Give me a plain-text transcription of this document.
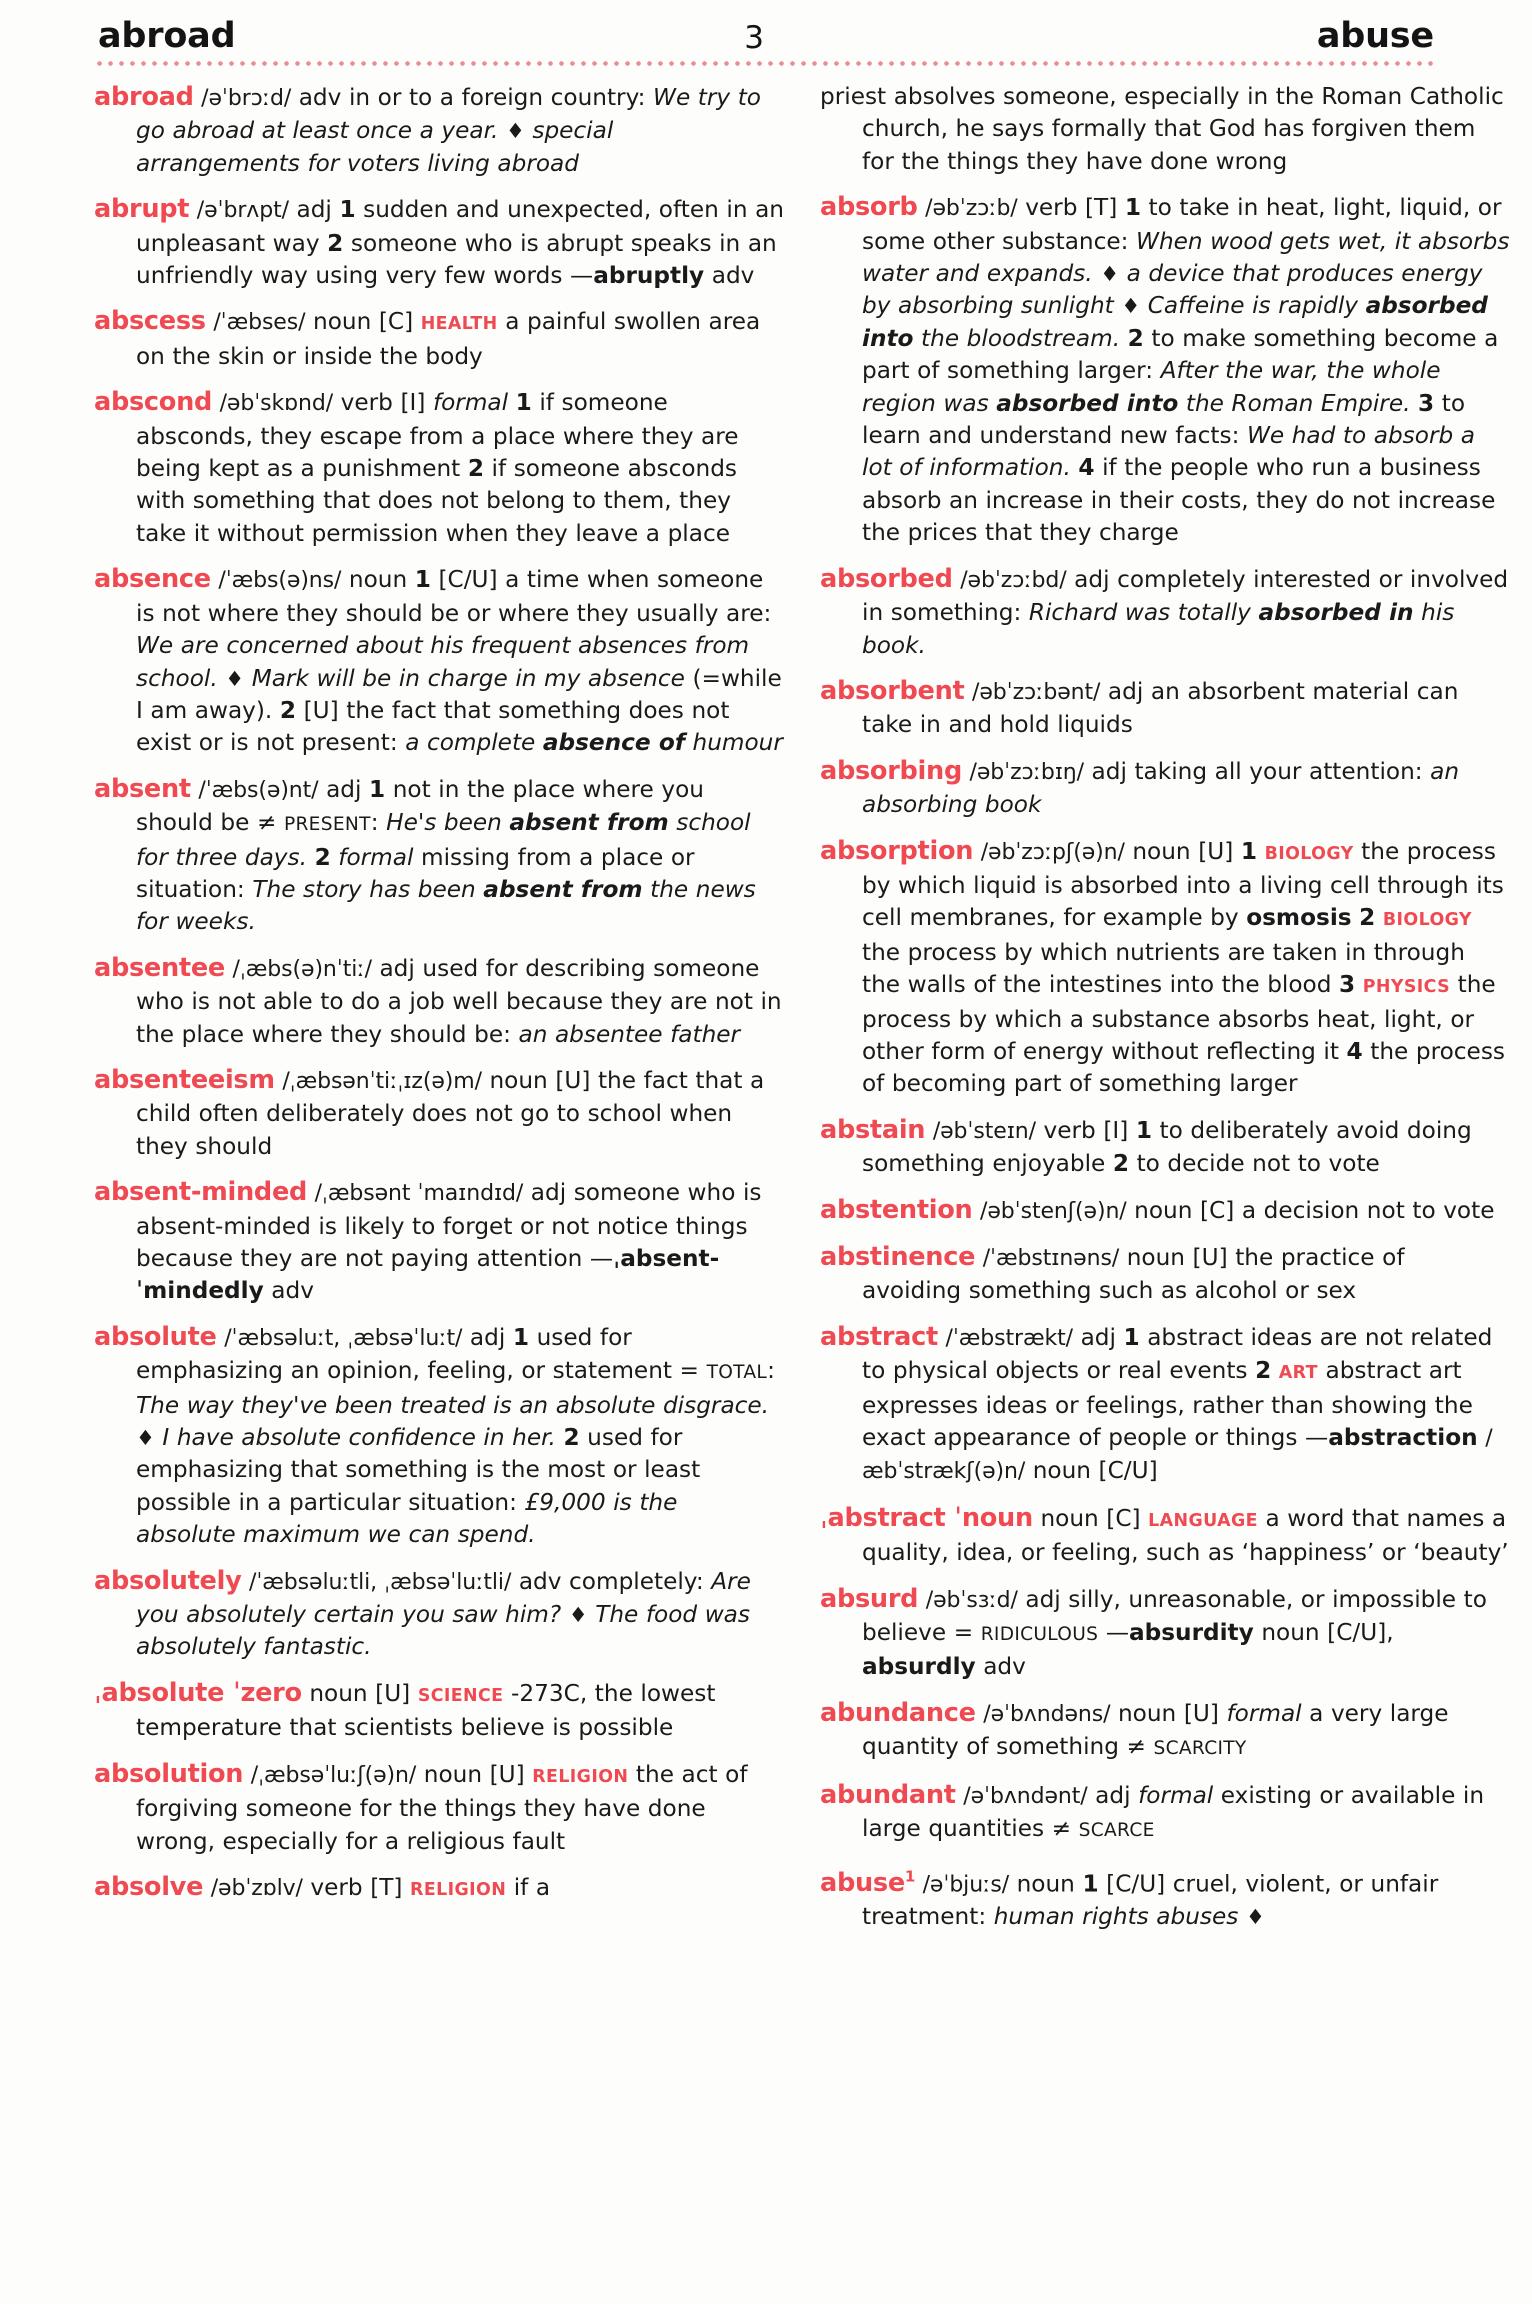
abroad	3	abuse

abroad /əˈbrɔːd/ adv in or to a foreign country: We try to go abroad at least once a year. ♦ special arrangements for voters living abroad

abrupt /əˈbrʌpt/ adj 1 sudden and unexpected, often in an unpleasant way 2 someone who is abrupt speaks in an unfriendly way using very few words —abruptly adv

abscess /ˈæbses/ noun [C] HEALTH a painful swollen area on the skin or inside the body

abscond /əbˈskɒnd/ verb [I] formal 1 if someone absconds, they escape from a place where they are being kept as a punishment 2 if someone absconds with something that does not belong to them, they take it without permission when they leave a place

absence /ˈæbs(ə)ns/ noun 1 [C/U] a time when someone is not where they should be or where they usually are: We are concerned about his frequent absences from school. ♦ Mark will be in charge in my absence (=while I am away). 2 [U] the fact that something does not exist or is not present: a complete absence of humour

absent /ˈæbs(ə)nt/ adj 1 not in the place where you should be ≠ PRESENT: He's been absent from school for three days. 2 formal missing from a place or situation: The story has been absent from the news for weeks.

absentee /ˌæbs(ə)nˈtiː/ adj used for describing someone who is not able to do a job well because they are not in the place where they should be: an absentee father

absenteeism /ˌæbsənˈtiːˌɪz(ə)m/ noun [U] the fact that a child often deliberately does not go to school when they should

absent-minded /ˌæbsənt ˈmaɪndɪd/ adj someone who is absent-minded is likely to forget or not notice things because they are not paying attention —ˌabsent-ˈmindedly adv

absolute /ˈæbsəluːt, ˌæbsəˈluːt/ adj 1 used for emphasizing an opinion, feeling, or statement = TOTAL: The way they've been treated is an absolute disgrace. ♦ I have absolute confidence in her. 2 used for emphasizing that something is the most or least possible in a particular situation: £9,000 is the absolute maximum we can spend.

absolutely /ˈæbsəluːtli, ˌæbsəˈluːtli/ adv completely: Are you absolutely certain you saw him? ♦ The food was absolutely fantastic.

ˌabsolute ˈzero noun [U] SCIENCE -273C, the lowest temperature that scientists believe is possible

absolution /ˌæbsəˈluːʃ(ə)n/ noun [U] RELIGION the act of forgiving someone for the things they have done wrong, especially for a religious fault

absolve /əbˈzɒlv/ verb [T] RELIGION if a

priest absolves someone, especially in the Roman Catholic church, he says formally that God has forgiven them for the things they have done wrong

absorb /əbˈzɔːb/ verb [T] 1 to take in heat, light, liquid, or some other substance: When wood gets wet, it absorbs water and expands. ♦ a device that produces energy by absorbing sunlight ♦ Caffeine is rapidly absorbed into the bloodstream. 2 to make something become a part of something larger: After the war, the whole region was absorbed into the Roman Empire. 3 to learn and understand new facts: We had to absorb a lot of information. 4 if the people who run a business absorb an increase in their costs, they do not increase the prices that they charge

absorbed /əbˈzɔːbd/ adj completely interested or involved in something: Richard was totally absorbed in his book.

absorbent /əbˈzɔːbənt/ adj an absorbent material can take in and hold liquids

absorbing /əbˈzɔːbɪŋ/ adj taking all your attention: an absorbing book

absorption /əbˈzɔːpʃ(ə)n/ noun [U] 1 BIOLOGY the process by which liquid is absorbed into a living cell through its cell membranes, for example by osmosis 2 BIOLOGY the process by which nutrients are taken in through the walls of the intestines into the blood 3 PHYSICS the process by which a substance absorbs heat, light, or other form of energy without reflecting it 4 the process of becoming part of something larger

abstain /əbˈsteɪn/ verb [I] 1 to deliberately avoid doing something enjoyable 2 to decide not to vote

abstention /əbˈstenʃ(ə)n/ noun [C] a decision not to vote

abstinence /ˈæbstɪnəns/ noun [U] the practice of avoiding something such as alcohol or sex

abstract /ˈæbstrækt/ adj 1 abstract ideas are not related to physical objects or real events 2 ART abstract art expresses ideas or feelings, rather than showing the exact appearance of people or things —abstraction /æbˈstrækʃ(ə)n/ noun [C/U]

ˌabstract ˈnoun noun [C] LANGUAGE a word that names a quality, idea, or feeling, such as ‘happiness’ or ‘beauty’

absurd /əbˈsɜːd/ adj silly, unreasonable, or impossible to believe = RIDICULOUS —absurdity noun [C/U], absurdly adv

abundance /əˈbʌndəns/ noun [U] formal a very large quantity of something ≠ SCARCITY

abundant /əˈbʌndənt/ adj formal existing or available in large quantities ≠ SCARCE

abuse$^1$ /əˈbjuːs/ noun 1 [C/U] cruel, violent, or unfair treatment: human rights abuses ♦
